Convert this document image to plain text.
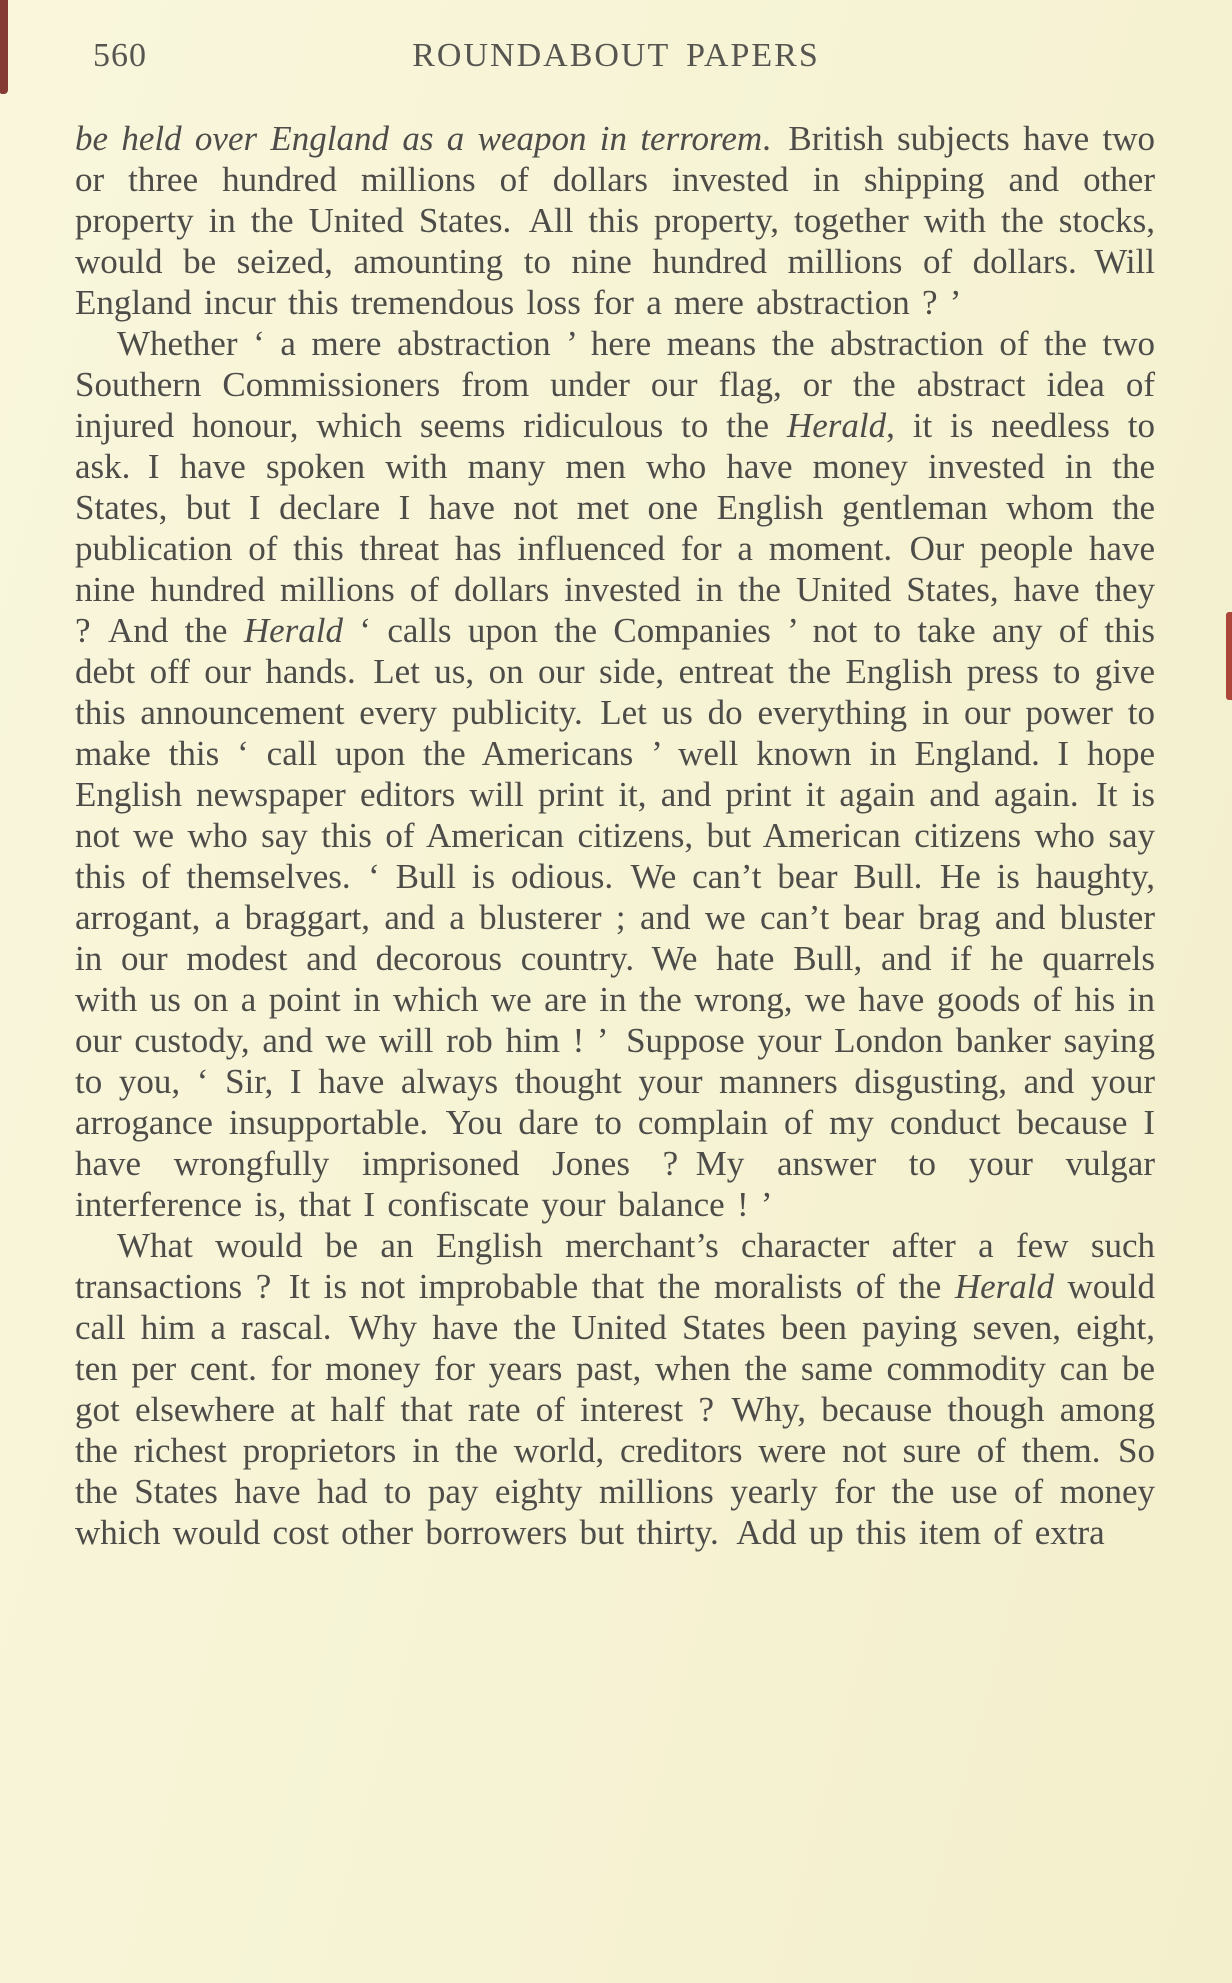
560	ROUNDABOUT PAPERS

be held over England as a weapon in terrorem. British subjects have two or three hundred millions of dollars invested in shipping and other property in the United States. All this property, together with the stocks, would be seized, amounting to nine hundred millions of dollars. Will England incur this tremendous loss for a mere abstraction ? ’

Whether ‘ a mere abstraction ’ here means the abstraction of the two Southern Commissioners from under our flag, or the abstract idea of injured honour, which seems ridiculous to the Herald, it is needless to ask. I have spoken with many men who have money invested in the States, but I declare I have not met one English gentleman whom the publication of this threat has influenced for a moment. Our people have nine hundred millions of dollars invested in the United States, have they ? And the Herald ‘ calls upon the Companies ’ not to take any of this debt off our hands. Let us, on our side, entreat the English press to give this announcement every publicity. Let us do everything in our power to make this ‘ call upon the Americans ’ well known in England. I hope English newspaper editors will print it, and print it again and again. It is not we who say this of American citizens, but American citizens who say this of themselves. ‘ Bull is odious. We can’t bear Bull. He is haughty, arrogant, a braggart, and a blusterer ; and we can’t bear brag and bluster in our modest and decorous country. We hate Bull, and if he quarrels with us on a point in which we are in the wrong, we have goods of his in our custody, and we will rob him ! ’ Suppose your London banker saying to you, ‘ Sir, I have always thought your manners disgusting, and your arrogance insupportable. You dare to complain of my conduct because I have wrongfully imprisoned Jones ? My answer to your vulgar interference is, that I confiscate your balance ! ’

What would be an English merchant’s character after a few such transactions ? It is not improbable that the moralists of the Herald would call him a rascal. Why have the United States been paying seven, eight, ten per cent. for money for years past, when the same commodity can be got elsewhere at half that rate of interest ? Why, because though among the richest proprietors in the world, creditors were not sure of them. So the States have had to pay eighty millions yearly for the use of money which would cost other borrowers but thirty. Add up this item of extra
